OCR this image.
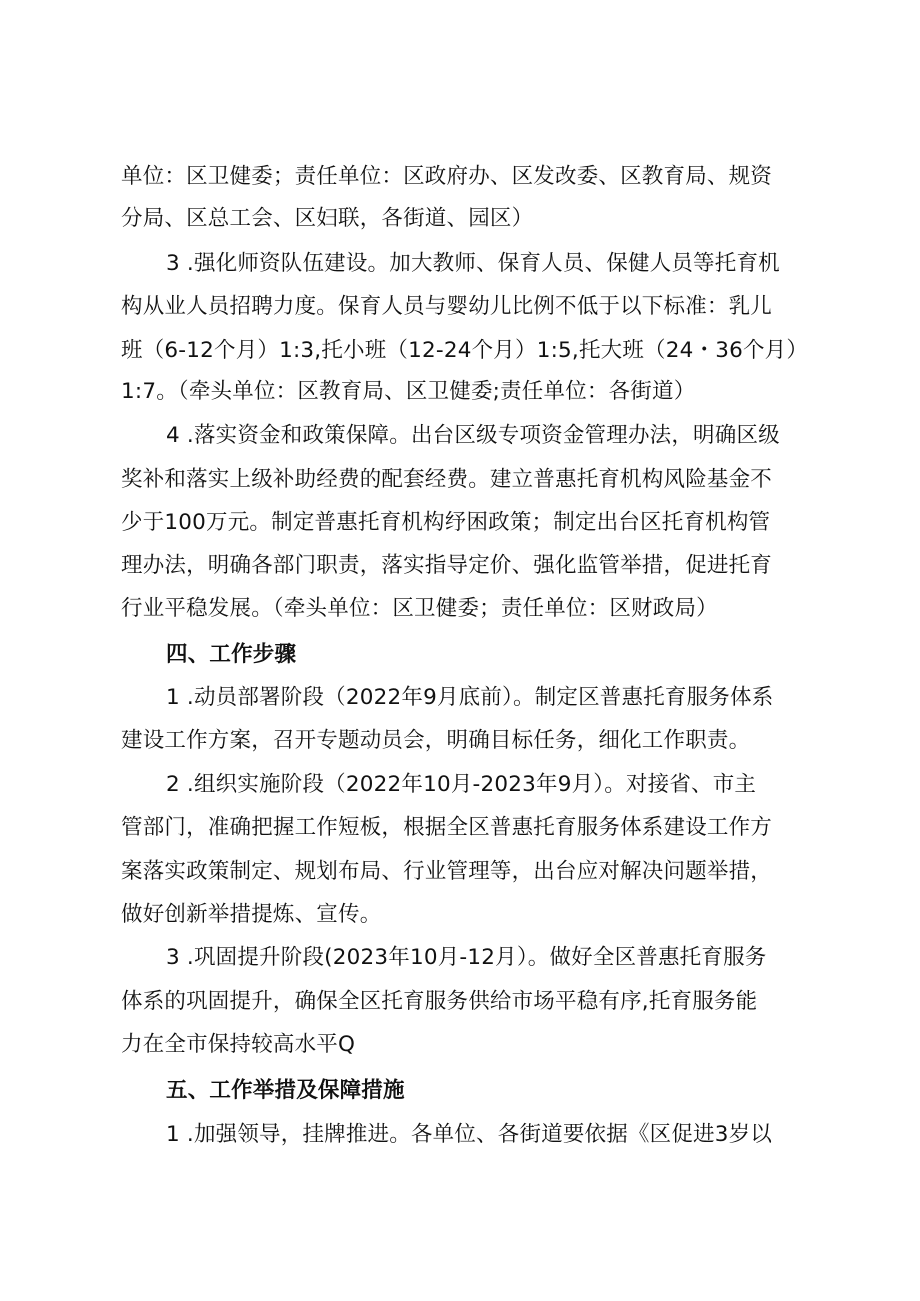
单位：区卫健委；责任单位：区政府办、区发改委、区教育局、规资
分局、区总工会、区妇联，各街道、园区）
3 .强化师资队伍建设。加大教师、保育人员、保健人员等托育机
构从业人员招聘力度。保育人员与婴幼儿比例不低于以下标准：乳儿
班（6-12个月）1:3,托小班（12-24个月）1:5,托大班（24・36个月）
1:7。（牵头单位：区教育局、区卫健委;责任单位：各街道）
4 .落实资金和政策保障。出台区级专项资金管理办法，明确区级
奖补和落实上级补助经费的配套经费。建立普惠托育机构风险基金不
少于100万元。制定普惠托育机构纾困政策；制定出台区托育机构管
理办法，明确各部门职责，落实指导定价、强化监管举措，促进托育
行业平稳发展。（牵头单位：区卫健委；责任单位：区财政局）
四、工作步骤
1 .动员部署阶段（2022年9月底前）。制定区普惠托育服务体系
建设工作方案，召开专题动员会，明确目标任务，细化工作职责。
2 .组织实施阶段（2022年10月-2023年9月）。对接省、市主
管部门，准确把握工作短板，根据全区普惠托育服务体系建设工作方
案落实政策制定、规划布局、行业管理等，出台应对解决问题举措，
做好创新举措提炼、宣传。
3 .巩固提升阶段(2023年10月-12月）。做好全区普惠托育服务
体系的巩固提升，确保全区托育服务供给市场平稳有序,托育服务能
力在全市保持较高水平Q
五、工作举措及保障措施
1 .加强领导，挂牌推进。各单位、各街道要依据《区促进3岁以
